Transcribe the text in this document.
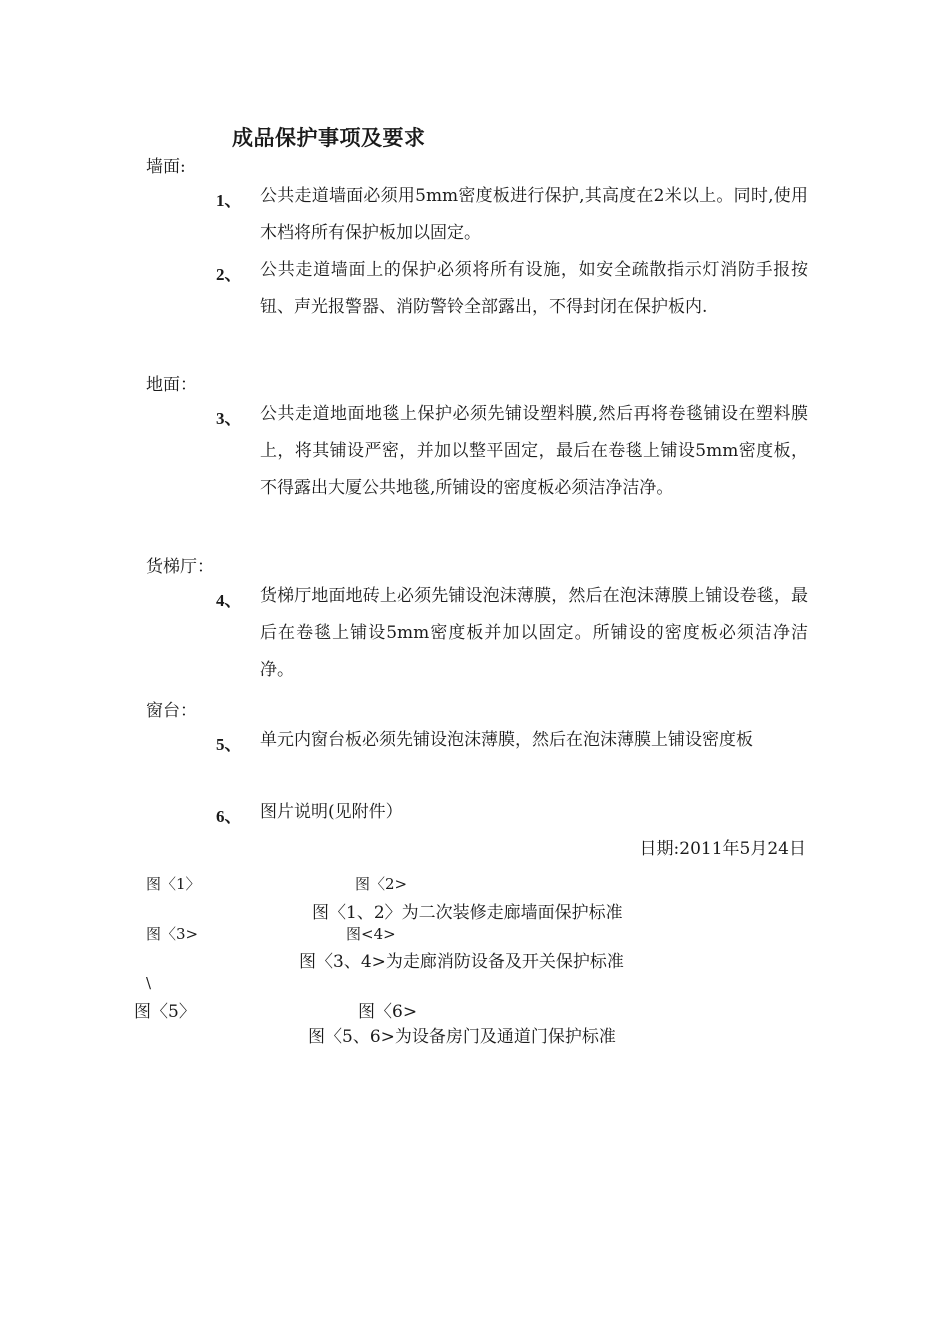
成品保护事项及要求
墙面:
1、 公共走道墙面必须用5mm密度板进行保护,其高度在2米以上。同时,使用木档将所有保护板加以固定。
2、 公共走道墙面上的保护必须将所有设施，如安全疏散指示灯消防手报按钮、声光报警器、消防警铃全部露出，不得封闭在保护板内.
地面：
3、 公共走道地面地毯上保护必须先铺设塑料膜,然后再将卷毯铺设在塑料膜上，将其铺设严密，并加以整平固定，最后在卷毯上铺设5mm密度板，不得露出大厦公共地毯,所铺设的密度板必须洁净洁净。
货梯厅：
4、 货梯厅地面地砖上必须先铺设泡沫薄膜，然后在泡沫薄膜上铺设卷毯，最后在卷毯上铺设5mm密度板并加以固定。所铺设的密度板必须洁净洁净。
窗台：
5、 单元内窗台板必须先铺设泡沫薄膜，然后在泡沫薄膜上铺设密度板
6、 图片说明(见附件）
日期:2011年5月24日
图〈1〉	图〈2>
图〈1、2〉为二次装修走廊墙面保护标准
图〈3>	图<4>
图〈3、4>为走廊消防设备及开关保护标准
\
图〈5〉	图〈6>
图〈5、6>为设备房门及通道门保护标准
